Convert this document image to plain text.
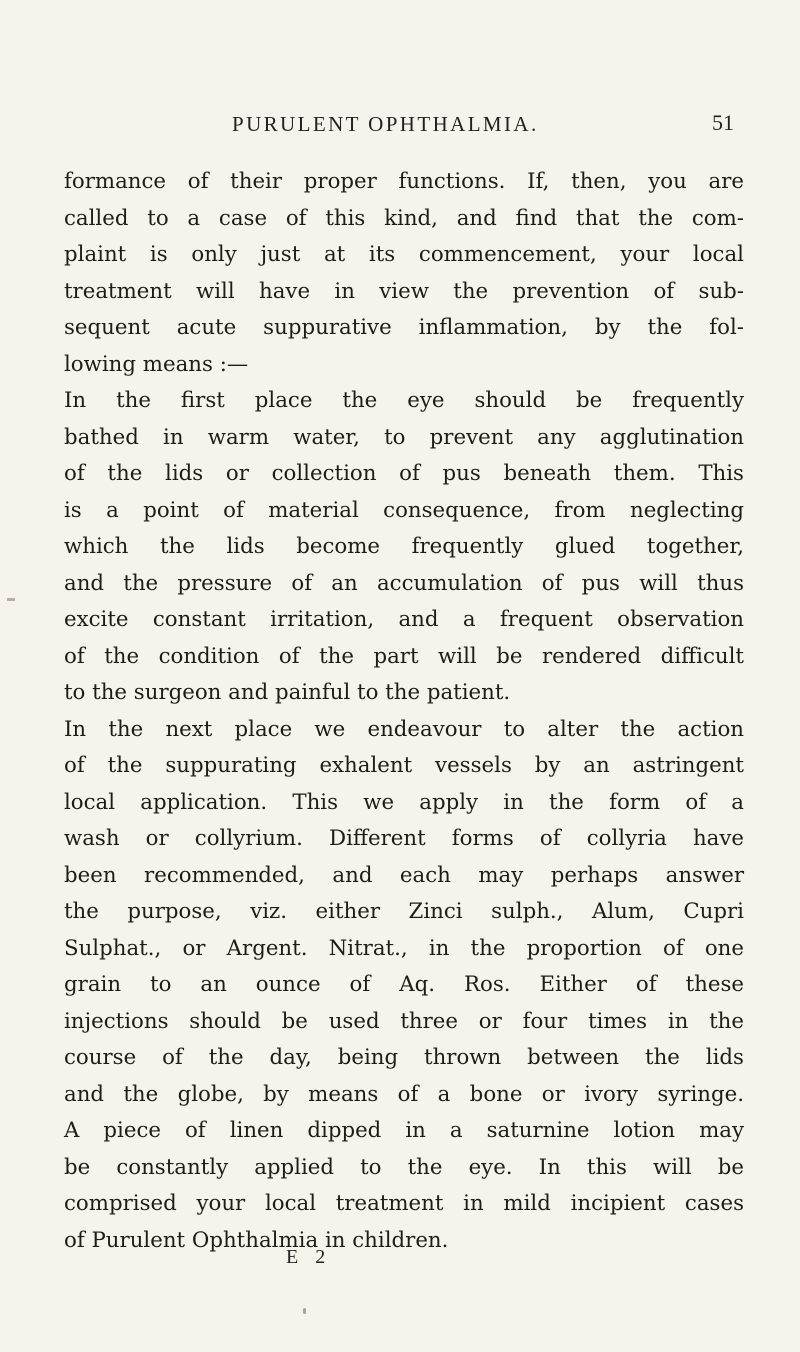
PURULENT OPHTHALMIA.	51
formance of their proper functions. If, then, you are
called to a case of this kind, and find that the com-
plaint is only just at its commencement, your local
treatment will have in view the prevention of sub-
sequent acute suppurative inflammation, by the fol-
lowing means :—
In the first place the eye should be frequently
bathed in warm water, to prevent any agglutination
of the lids or collection of pus beneath them. This
is a point of material consequence, from neglecting
which the lids become frequently glued together,
and the pressure of an accumulation of pus will thus
excite constant irritation, and a frequent observation
of the condition of the part will be rendered difficult
to the surgeon and painful to the patient.
In the next place we endeavour to alter the action
of the suppurating exhalent vessels by an astringent
local application. This we apply in the form of a
wash or collyrium. Different forms of collyria have
been recommended, and each may perhaps answer
the purpose, viz. either Zinci sulph., Alum, Cupri
Sulphat., or Argent. Nitrat., in the proportion of one
grain to an ounce of Aq. Ros. Either of these
injections should be used three or four times in the
course of the day, being thrown between the lids
and the globe, by means of a bone or ivory syringe.
A piece of linen dipped in a saturnine lotion may
be constantly applied to the eye. In this will be
comprised your local treatment in mild incipient cases
of Purulent Ophthalmia in children.
E 2
